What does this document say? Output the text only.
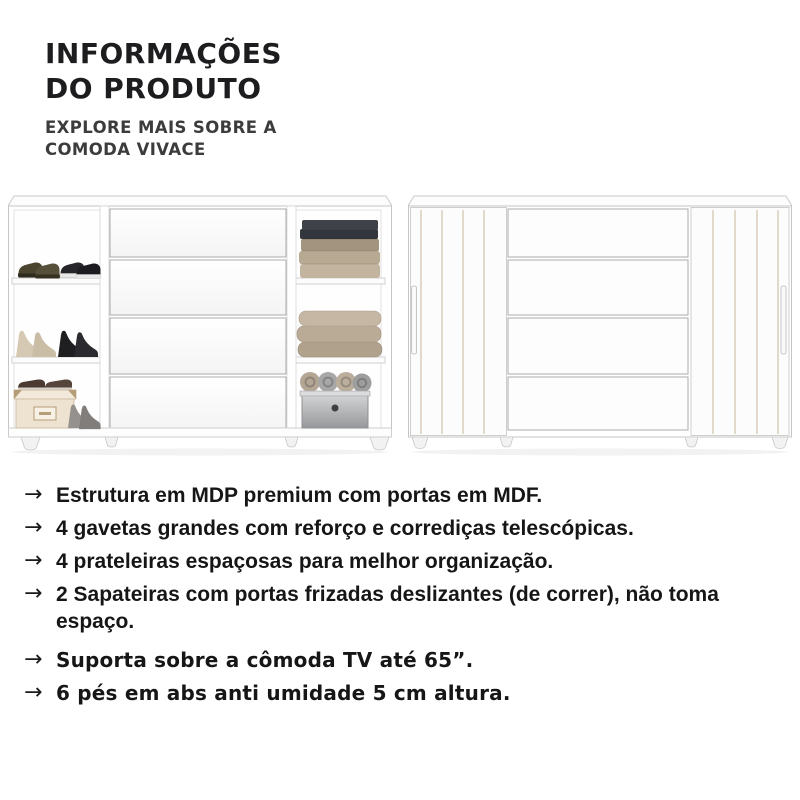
INFORMAÇÕES
DO PRODUTO
EXPLORE MAIS SOBRE A
COMODA VIVACE
→ Estrutura em MDP premium com portas em MDF.
→ 4 gavetas grandes com reforço e corrediças telescópicas.
→ 4 prateleiras espaçosas para melhor organização.
→ 2 Sapateiras com portas frizadas deslizantes (de correr), não toma espaço.
→ Suporta sobre a cômoda TV até 65”.
→ 6 pés em abs anti umidade 5 cm altura.
